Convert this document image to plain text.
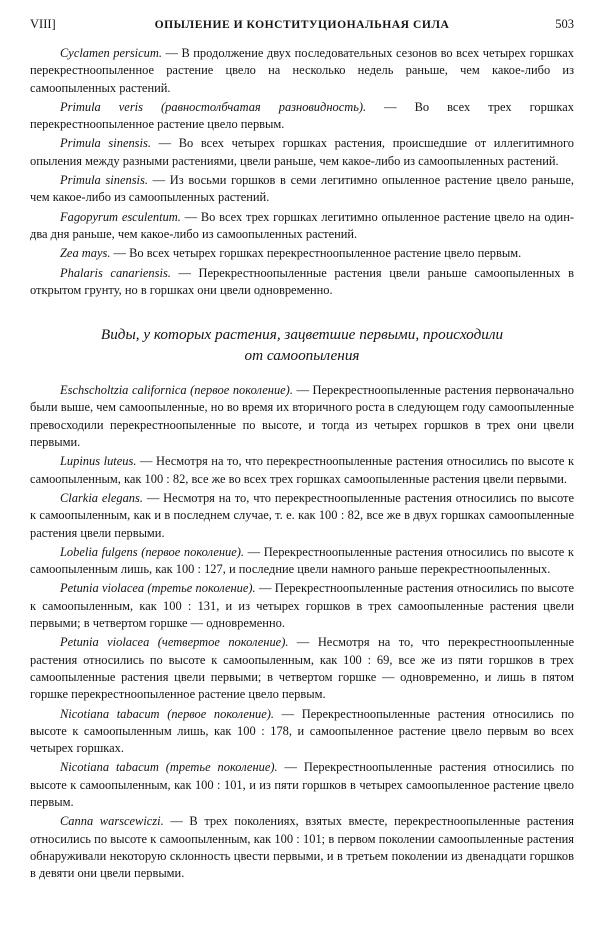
VIII]	ОПЫЛЕНИЕ И КОНСТИТУЦИОНАЛЬНАЯ СИЛА	503

Cyclamen persicum. — В продолжение двух последовательных сезонов во всех четырех горшках перекрестноопыленное растение цвело на несколько недель раньше, чем какое-либо из самоопыленных растений.

Primula veris (равностолбчатая разновидность). — Во всех трех горшках перекрестноопыленное растение цвело первым.

Primula sinensis. — Во всех четырех горшках растения, происшедшие от иллегитимного опыления между разными растениями, цвели раньше, чем какое-либо из самоопыленных растений.

Primula sinensis. — Из восьми горшков в семи легитимно опыленное растение цвело раньше, чем какое-либо из самоопыленных растений.

Fagopyrum esculentum. — Во всех трех горшках легитимно опыленное растение цвело на один-два дня раньше, чем какое-либо из самоопыленных растений.

Zea mays. — Во всех четырех горшках перекрестноопыленное растение цвело первым.

Phalaris canariensis. — Перекрестноопыленные растения цвели раньше самоопыленных в открытом грунту, но в горшках они цвели одновременно.

Виды, у которых растения, зацветшие первыми, происходили
от самоопыления

Eschscholtzia californica (первое поколение). — Перекрестноопыленные растения первоначально были выше, чем самоопыленные, но во время их вторичного роста в следующем году самоопыленные превосходили перекрестноопыленные по высоте, и тогда из четырех горшков в трех они цвели первыми.

Lupinus luteus. — Несмотря на то, что перекрестноопыленные растения относились по высоте к самоопыленным, как 100 : 82, все же во всех трех горшках самоопыленные растения цвели первыми.

Clarkia elegans. — Несмотря на то, что перекрестноопыленные растения относились по высоте к самоопыленным, как и в последнем случае, т. е. как 100 : 82, все же в двух горшках самоопыленные растения цвели первыми.

Lobelia fulgens (первое поколение). — Перекрестноопыленные растения относились по высоте к самоопыленным лишь, как 100 : 127, и последние цвели намного раньше перекрестноопыленных.

Petunia violacea (третье поколение). — Перекрестноопыленные растения относились по высоте к самоопыленным, как 100 : 131, и из четырех горшков в трех самоопыленные растения цвели первыми; в четвертом горшке — одновременно.

Petunia violacea (четвертое поколение). — Несмотря на то, что перекрестноопыленные растения относились по высоте к самоопыленным, как 100 : 69, все же из пяти горшков в трех самоопыленные растения цвели первыми; в четвертом горшке — одновременно, и лишь в пятом горшке перекрестноопыленное растение цвело первым.

Nicotiana tabacum (первое поколение). — Перекрестноопыленные растения относились по высоте к самоопыленным лишь, как 100 : 178, и самоопыленное растение цвело первым во всех четырех горшках.

Nicotiana tabacum (третье поколение). — Перекрестноопыленные растения относились по высоте к самоопыленным, как 100 : 101, и из пяти горшков в четырех самоопыленное растение цвело первым.

Canna warscewiczi. — В трех поколениях, взятых вместе, перекрестноопыленные растения относились по высоте к самоопыленным, как 100 : 101; в первом поколении самоопыленные растения обнаруживали некоторую склонность цвести первыми, и в третьем поколении из двенадцати горшков в девяти они цвели первыми.
